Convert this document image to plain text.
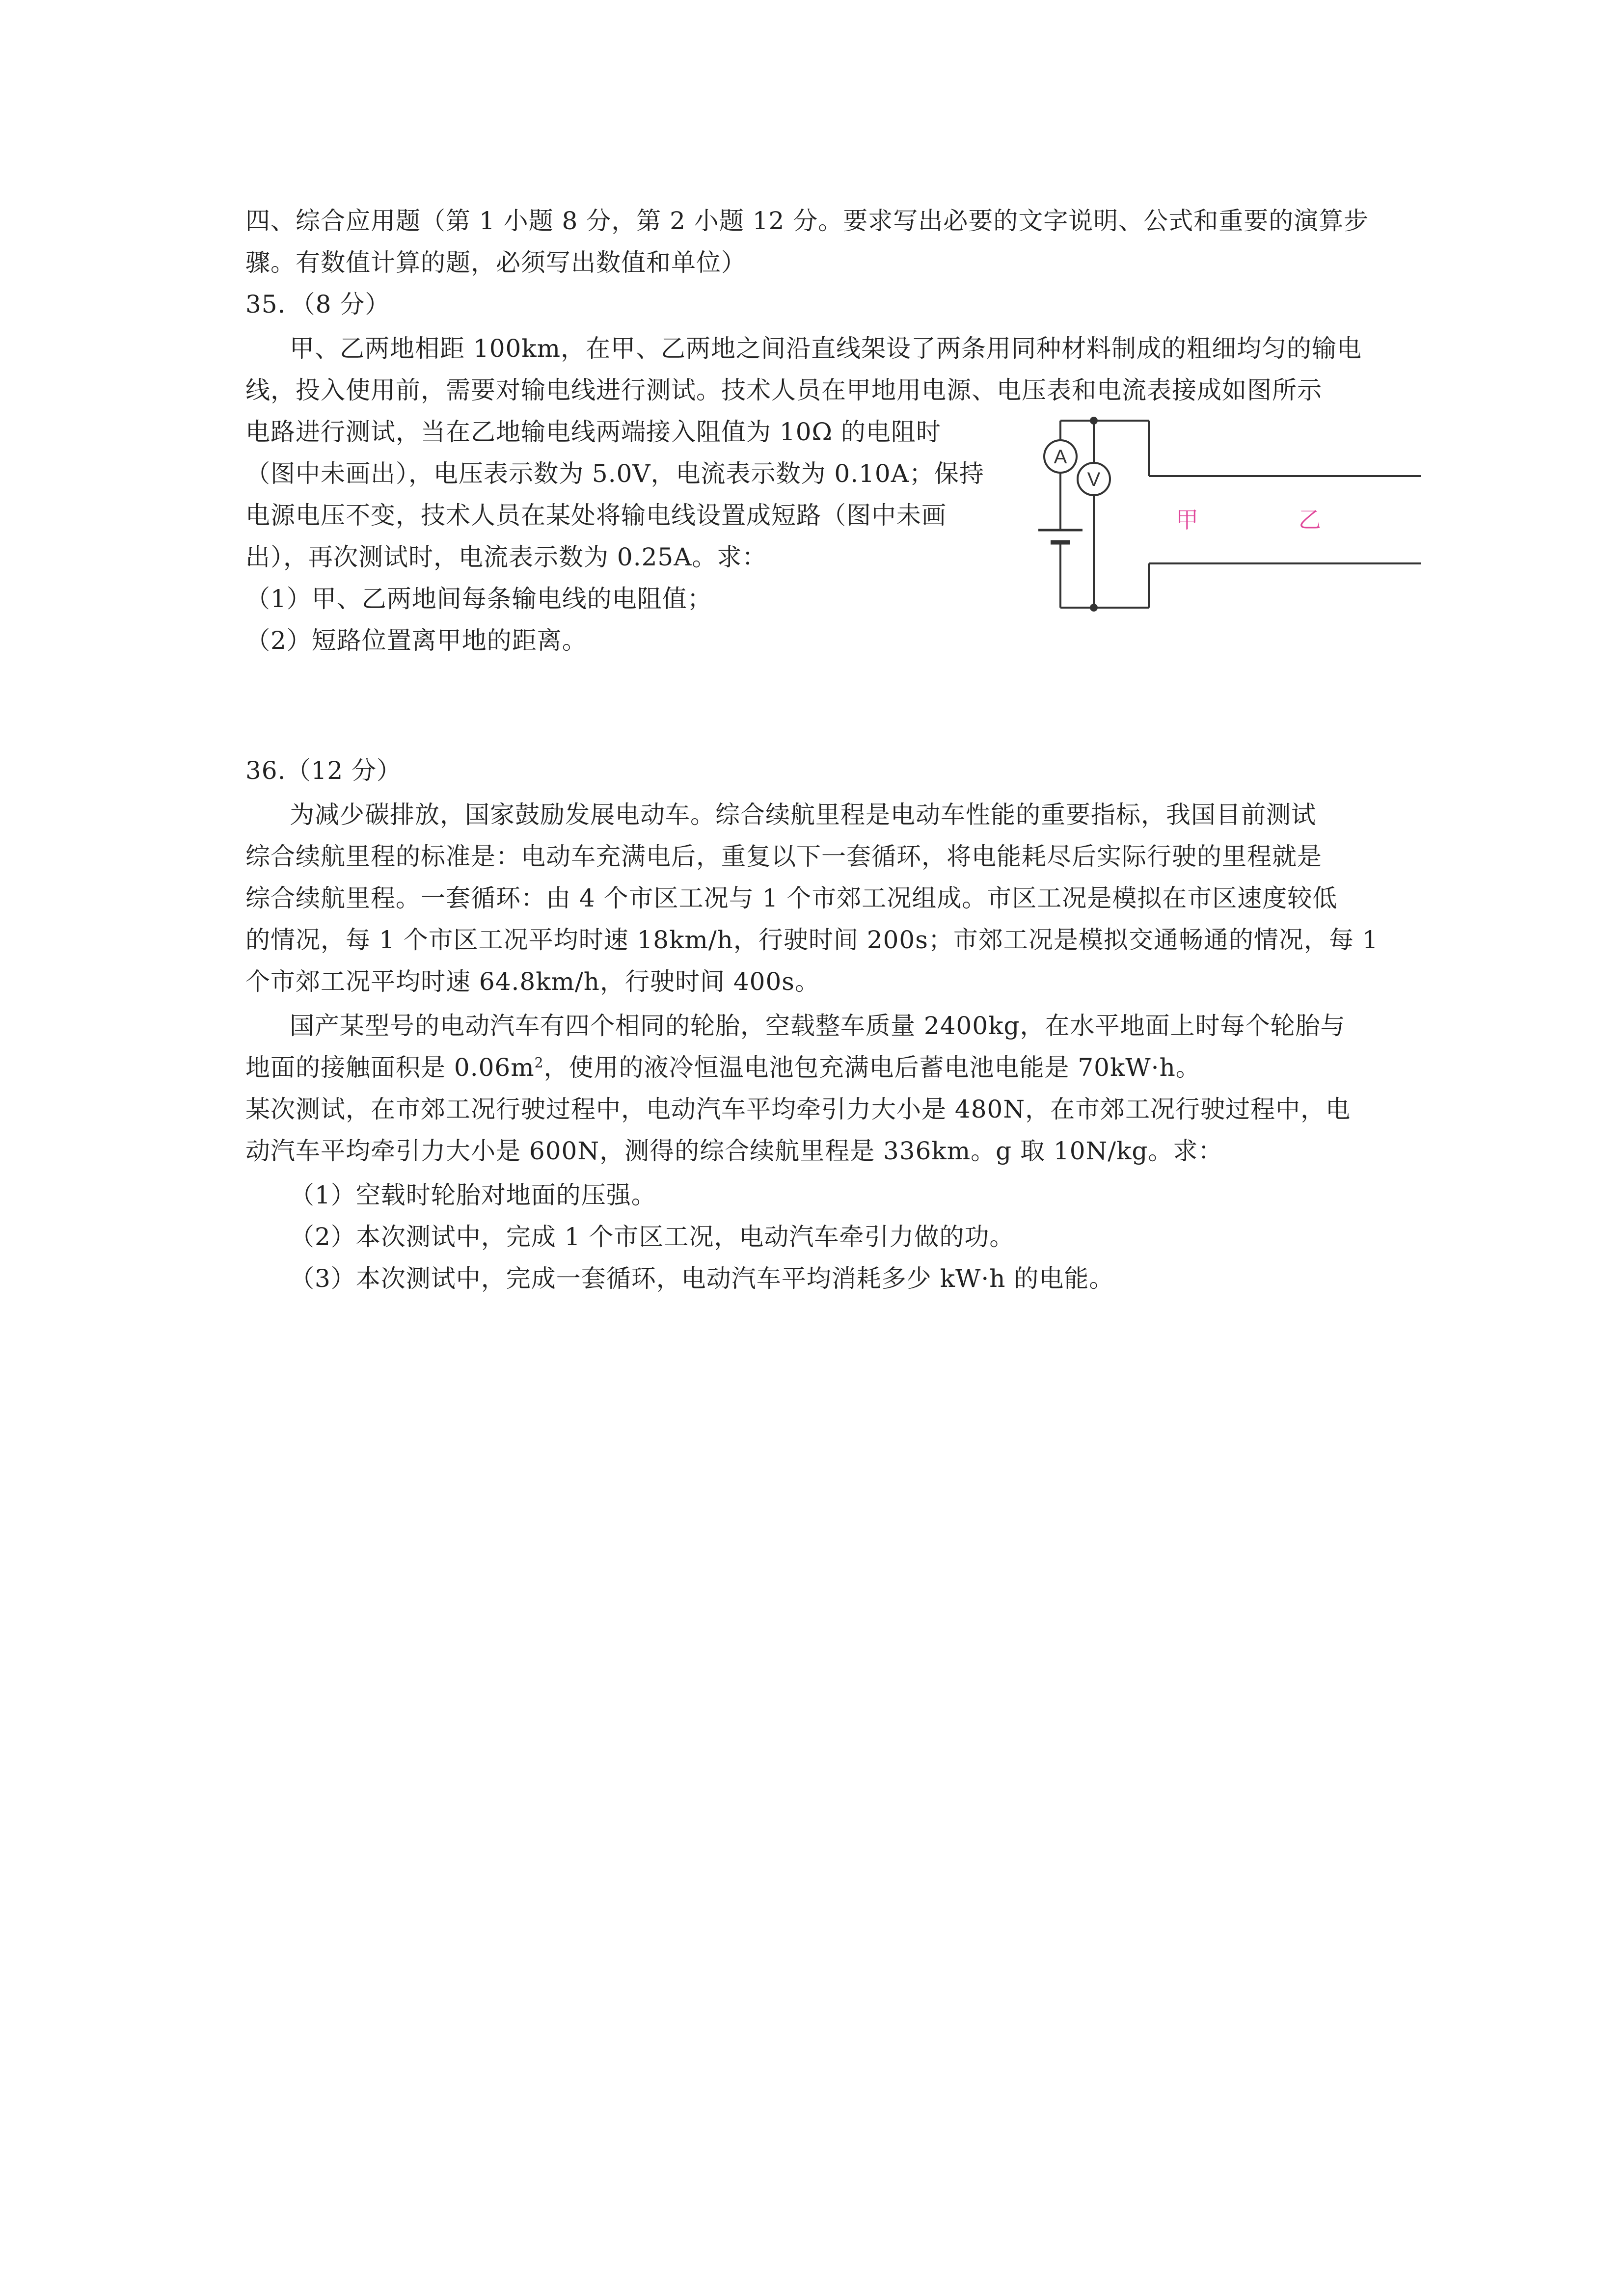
四、综合应用题（第 1 小题 8 分，第 2 小题 12 分。要求写出必要的文字说明、公式和重要的演算步
骤。有数值计算的题，必须写出数值和单位）
35．（8 分）
甲、乙两地相距 100km，在甲、乙两地之间沿直线架设了两条用同种材料制成的粗细均匀的输电
线，投入使用前，需要对输电线进行测试。技术人员在甲地用电源、电压表和电流表接成如图所示
电路进行测试，当在乙地输电线两端接入阻值为 10Ω 的电阻时
（图中未画出），电压表示数为 5.0V，电流表示数为 0.10A；保持
电源电压不变，技术人员在某处将输电线设置成短路（图中未画
出），再次测试时，电流表示数为 0.25A。求：
（1）甲、乙两地间每条输电线的电阻值；
（2）短路位置离甲地的距离。
A
V
甲	乙
36.（12 分）
为减少碳排放，国家鼓励发展电动车。综合续航里程是电动车性能的重要指标，我国目前测试
综合续航里程的标准是：电动车充满电后，重复以下一套循环，将电能耗尽后实际行驶的里程就是
综合续航里程。一套循环：由 4 个市区工况与 1 个市郊工况组成。市区工况是模拟在市区速度较低
的情况，每 1 个市区工况平均时速 18km/h，行驶时间 200s；市郊工况是模拟交通畅通的情况，每 1
个市郊工况平均时速 64.8km/h，行驶时间 400s。
国产某型号的电动汽车有四个相同的轮胎，空载整车质量 2400kg，在水平地面上时每个轮胎与
地面的接触面积是 $0.06m^2$，使用的液冷恒温电池包充满电后蓄电池电能是 70kW·h。
某次测试，在市郊工况行驶过程中，电动汽车平均牵引力大小是 480N，在市郊工况行驶过程中，电
动汽车平均牵引力大小是 600N，测得的综合续航里程是 336km。g 取 10N/kg。求：
（1）空载时轮胎对地面的压强。
（2）本次测试中，完成 1 个市区工况，电动汽车牵引力做的功。
（3）本次测试中，完成一套循环，电动汽车平均消耗多少 kW·h 的电能。
